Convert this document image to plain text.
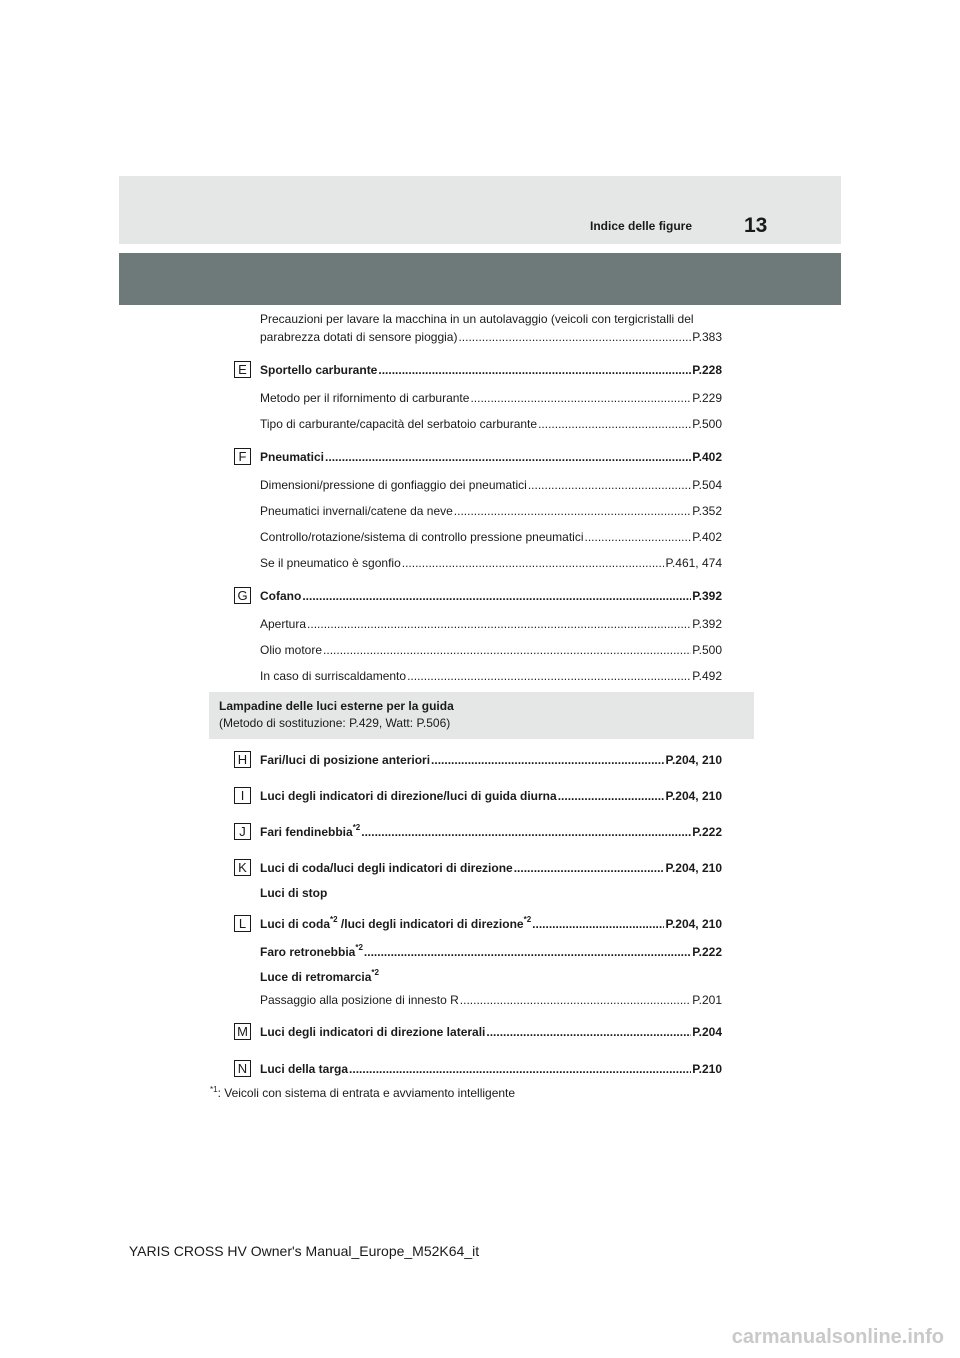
Indice delle figure 13
Precauzioni per lavare la macchina in un autolavaggio (veicoli con tergicristalli del
parabrezza dotati di sensore pioggia) .....	P.383
E	Sportello carburante .....	P.228
Metodo per il rifornimento di carburante .....	P.229
Tipo di carburante/capacità del serbatoio carburante .....	P.500
F	Pneumatici .....	P.402
Dimensioni/pressione di gonfiaggio dei pneumatici .....	P.504
Pneumatici invernali/catene da neve .....	P.352
Controllo/rotazione/sistema di controllo pressione pneumatici .....	P.402
Se il pneumatico è sgonfio .....	P.461, 474
G Cofano .....	P.392
Apertura .....	P.392
Olio motore .....	P.500
In caso di surriscaldamento .....	P.492
Lampadine delle luci esterne per la guida
(Metodo di sostituzione: P.429, Watt: P.506)
H	Fari/luci di posizione anteriori .....	P.204, 210
I	Luci degli indicatori di direzione/luci di guida diurna .....	P.204, 210
J	Fari fendinebbia$^{*2}$ .....	P.222
K	Luci di coda/luci degli indicatori di direzione .....	P.204, 210
Luci di stop
L	Luci di coda$^{*2}$ /luci degli indicatori di direzione$^{*2}$ .....	P.204, 210
Faro retronebbia$^{*2}$ .....	P.222
Luce di retromarcia$^{*2}$
Passaggio alla posizione di innesto R .....	P.201
M Luci degli indicatori di direzione laterali .....	P.204
N	Luci della targa .....	P.210
$^{*1}$: Veicoli con sistema di entrata e avviamento intelligente
YARIS CROSS HV Owner's Manual_Europe_M52K64_it
carmanualsonline.info
